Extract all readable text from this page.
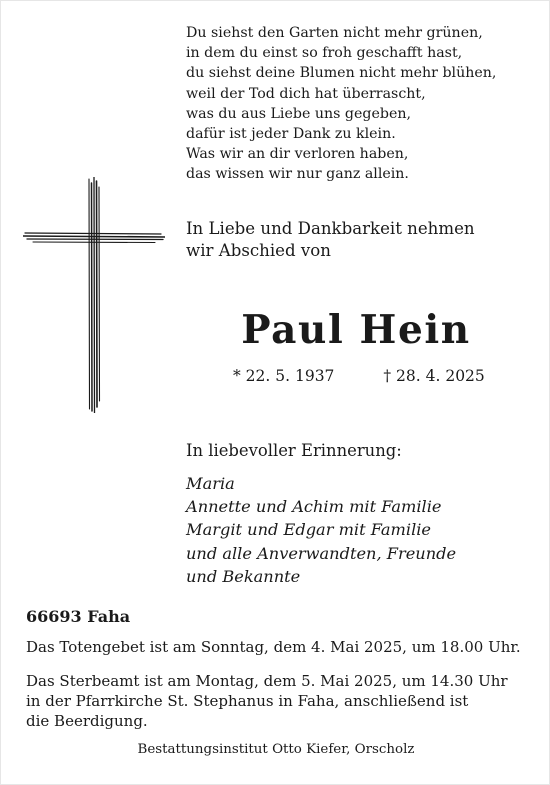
Du siehst den Garten nicht mehr grünen,
in dem du einst so froh geschafft hast,
du siehst deine Blumen nicht mehr blühen,
weil der Tod dich hat überrascht,
was du aus Liebe uns gegeben,
dafür ist jeder Dank zu klein.
Was wir an dir verloren haben,
das wissen wir nur ganz allein.
In Liebe und Dankbarkeit nehmen
wir Abschied von
Paul Hein
* 22. 5. 1937	† 28. 4. 2025
In liebevoller Erinnerung:
Maria
Annette und Achim mit Familie
Margit und Edgar mit Familie
und alle Anverwandten, Freunde
und Bekannte
66693 Faha
Das Totengebet ist am Sonntag, dem 4. Mai 2025, um 18.00 Uhr.
Das Sterbeamt ist am Montag, dem 5. Mai 2025, um 14.30 Uhr
in der Pfarrkirche St. Stephanus in Faha, anschließend ist
die Beerdigung.
Bestattungsinstitut Otto Kiefer, Orscholz
